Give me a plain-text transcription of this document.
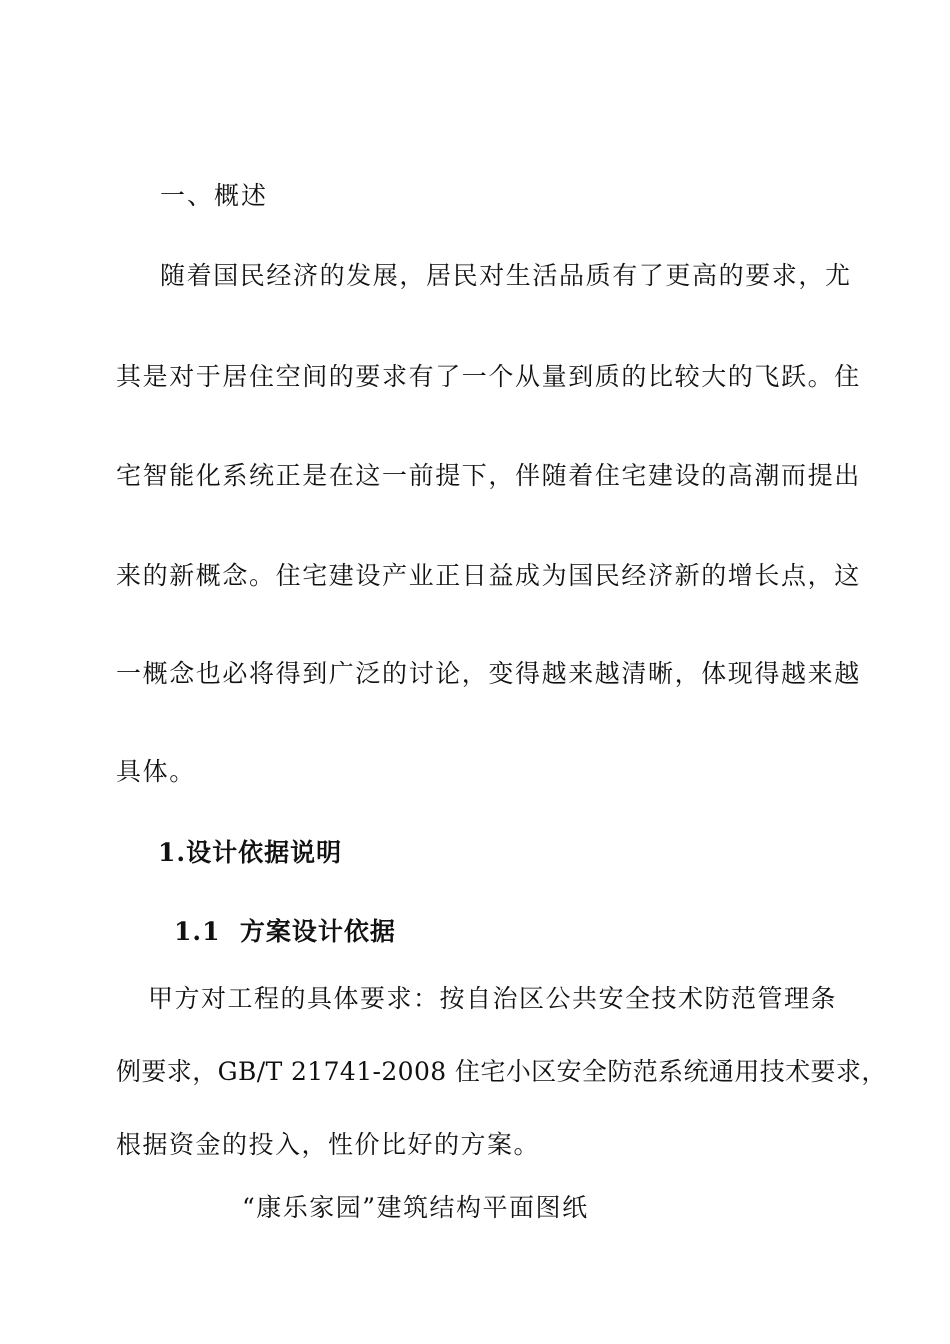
一、概述
随着国民经济的发展，居民对生活品质有了更高的要求，尤
其是对于居住空间的要求有了一个从量到质的比较大的飞跃。住
宅智能化系统正是在这一前提下，伴随着住宅建设的高潮而提出
来的新概念。住宅建设产业正日益成为国民经济新的增长点，这
一概念也必将得到广泛的讨论，变得越来越清晰，体现得越来越
具体。
1.设计依据说明
1.1  方案设计依据
甲方对工程的具体要求：按自治区公共安全技术防范管理条
例要求，GB/T 21741-2008 住宅小区安全防范系统通用技术要求，
根据资金的投入，性价比好的方案。
“康乐家园”建筑结构平面图纸
